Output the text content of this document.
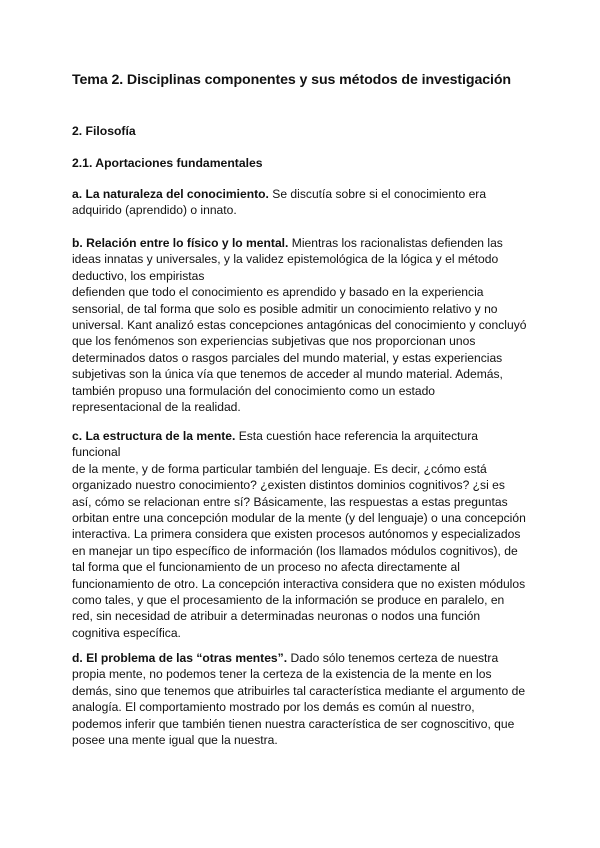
Tema 2. Disciplinas componentes y sus métodos de investigación
2. Filosofía
2.1. Aportaciones fundamentales
a. La naturaleza del conocimiento. Se discutía sobre si el conocimiento era
adquirido (aprendido) o innato.
b. Relación entre lo físico y lo mental. Mientras los racionalistas defienden las
ideas innatas y universales, y la validez epistemológica de la lógica y el método
deductivo, los empiristas
defienden que todo el conocimiento es aprendido y basado en la experiencia
sensorial, de tal forma que solo es posible admitir un conocimiento relativo y no
universal. Kant analizó estas concepciones antagónicas del conocimiento y concluyó
que los fenómenos son experiencias subjetivas que nos proporcionan unos
determinados datos o rasgos parciales del mundo material, y estas experiencias
subjetivas son la única vía que tenemos de acceder al mundo material. Además,
también propuso una formulación del conocimiento como un estado
representacional de la realidad.
c. La estructura de la mente. Esta cuestión hace referencia la arquitectura
funcional
de la mente, y de forma particular también del lenguaje. Es decir, ¿cómo está
organizado nuestro conocimiento? ¿existen distintos dominios cognitivos? ¿si es
así, cómo se relacionan entre sí? Básicamente, las respuestas a estas preguntas
orbitan entre una concepción modular de la mente (y del lenguaje) o una concepción
interactiva. La primera considera que existen procesos autónomos y especializados
en manejar un tipo específico de información (los llamados módulos cognitivos), de
tal forma que el funcionamiento de un proceso no afecta directamente al
funcionamiento de otro. La concepción interactiva considera que no existen módulos
como tales, y que el procesamiento de la información se produce en paralelo, en
red, sin necesidad de atribuir a determinadas neuronas o nodos una función
cognitiva específica.
d. El problema de las “otras mentes”. Dado sólo tenemos certeza de nuestra
propia mente, no podemos tener la certeza de la existencia de la mente en los
demás, sino que tenemos que atribuirles tal característica mediante el argumento de
analogía. El comportamiento mostrado por los demás es común al nuestro,
podemos inferir que también tienen nuestra característica de ser cognoscitivo, que
posee una mente igual que la nuestra.
